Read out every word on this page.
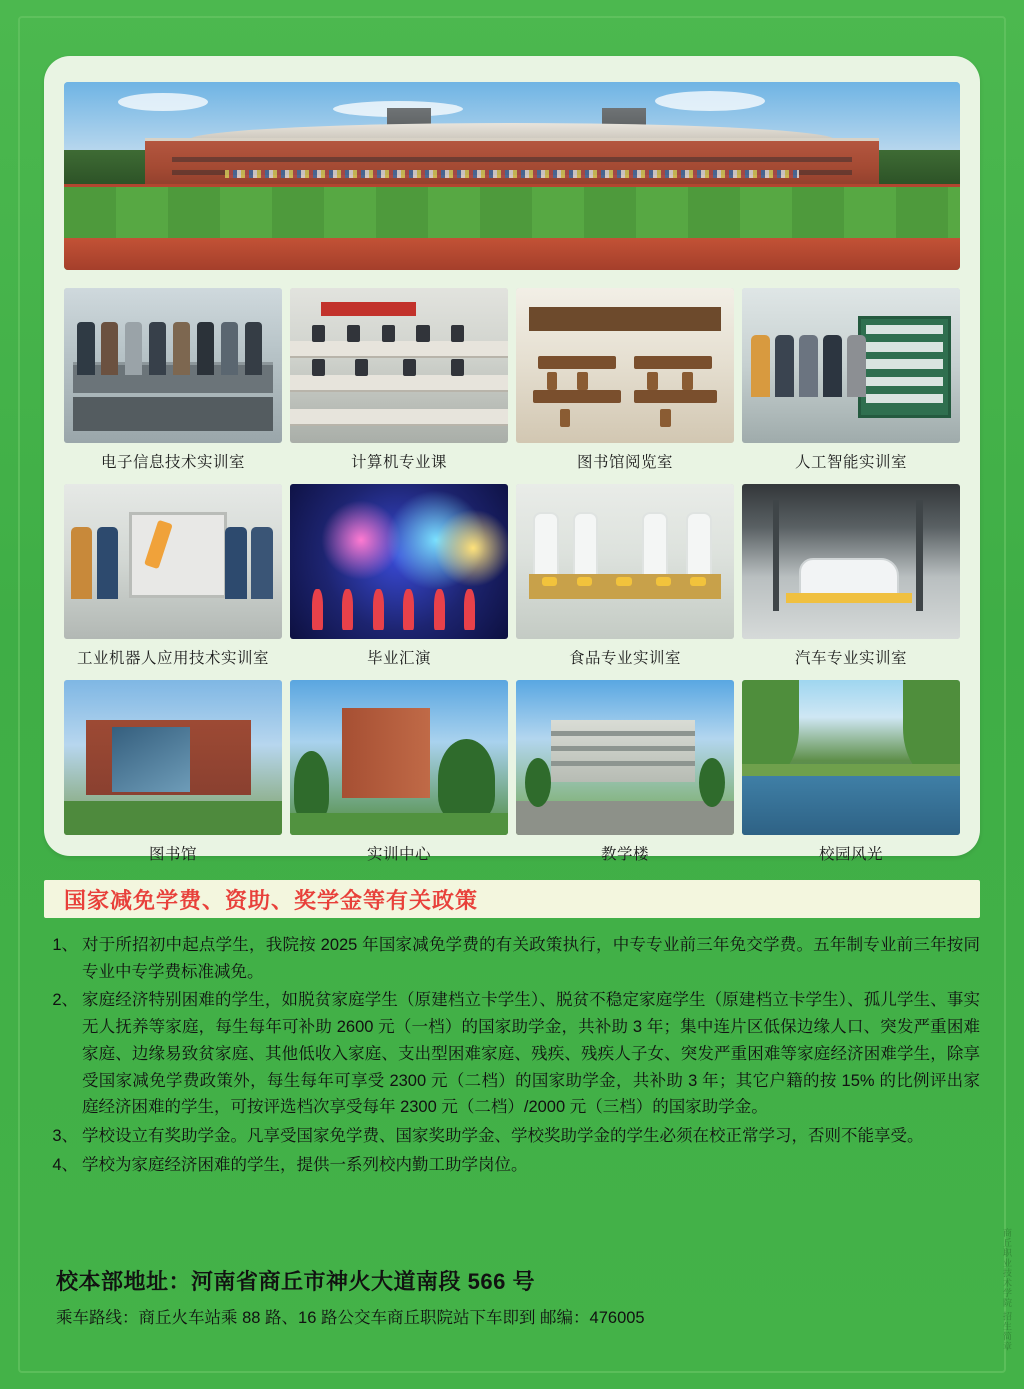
电子信息技术实训室	计算机专业课	图书馆阅览室	人工智能实训室
工业机器人应用技术实训室	毕业汇演	食品专业实训室	汽车专业实训室
图书馆	实训中心	教学楼	校园风光
国家减免学费、资助、奖学金等有关政策
1、 对于所招初中起点学生，我院按 2025 年国家减免学费的有关政策执行，中专专业前三年免交学费。五年制专业前三年按同专业中专学费标准减免。
2、 家庭经济特别困难的学生，如脱贫家庭学生（原建档立卡学生）、脱贫不稳定家庭学生（原建档立卡学生）、孤儿学生、事实无人抚养等家庭，每生每年可补助 2600 元（一档）的国家助学金，共补助 3 年；集中连片区低保边缘人口、突发严重困难家庭、边缘易致贫家庭、其他低收入家庭、支出型困难家庭、残疾、残疾人子女、突发严重困难等家庭经济困难学生，除享受国家减免学费政策外，每生每年可享受 2300 元（二档）的国家助学金，共补助 3 年；其它户籍的按 15% 的比例评出家庭经济困难的学生，可按评选档次享受每年 2300 元（二档）/2000 元（三档）的国家助学金。
3、 学校设立有奖助学金。凡享受国家免学费、国家奖助学金、学校奖助学金的学生必须在校正常学习，否则不能享受。
4、 学校为家庭经济困难的学生，提供一系列校内勤工助学岗位。
校本部地址：河南省商丘市神火大道南段 566 号
乘车路线：商丘火车站乘 88 路、16 路公交车商丘职院站下车即到 邮编：476005	商丘职业技术学院 招生简章
